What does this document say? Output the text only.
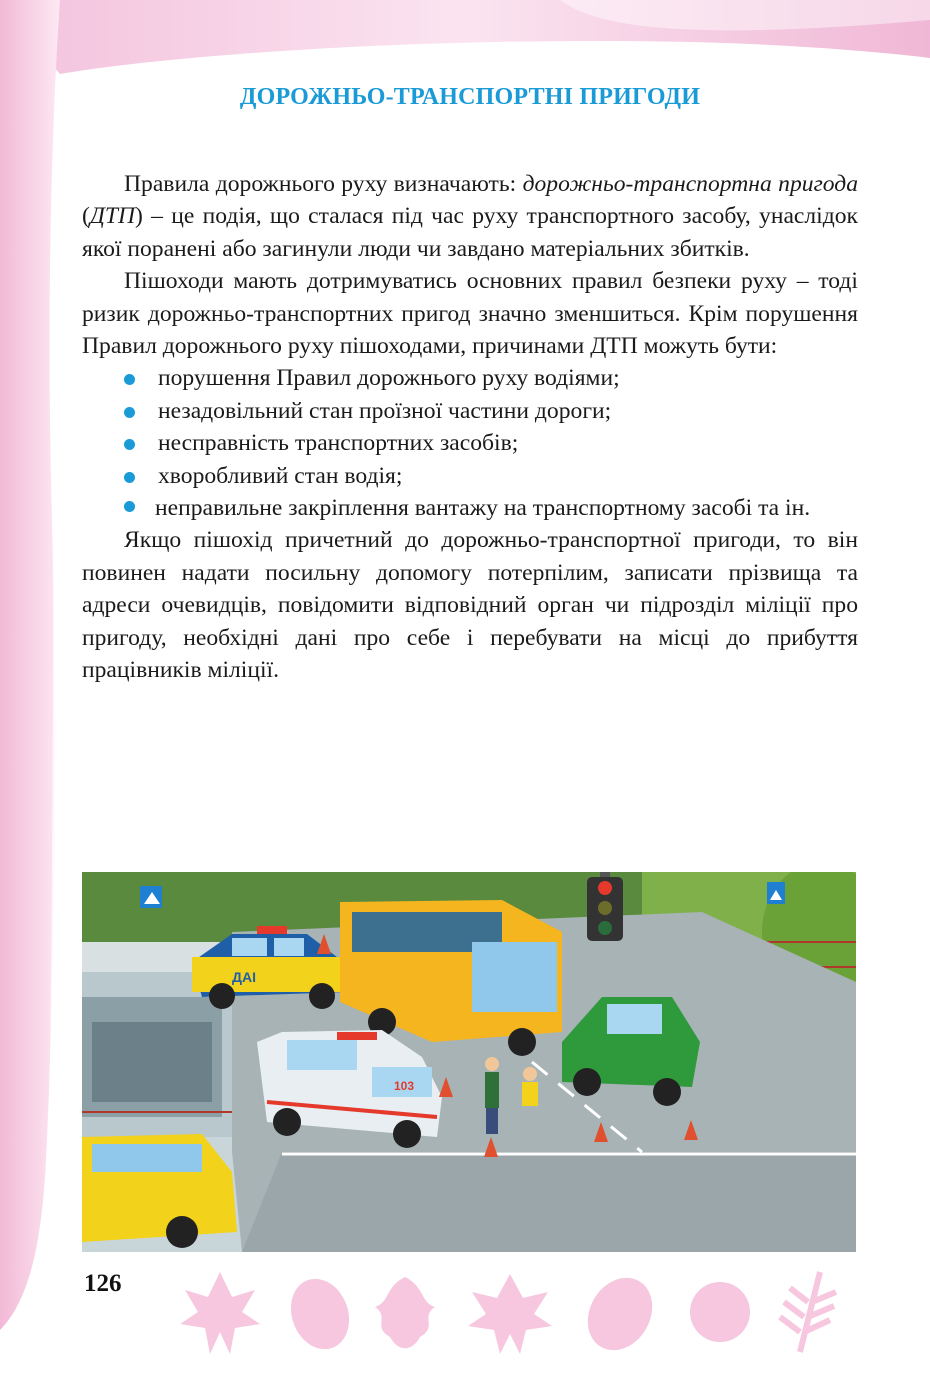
ДОРОЖНЬО-ТРАНСПОРТНІ ПРИГОДИ

Правила дорожнього руху визначають: дорожньо-транспортна пригода (ДТП) – це подія, що сталася під час руху транспортного засобу, унаслідок якої поранені або загинули люди чи завдано матеріальних збитків.

Пішоходи мають дотримуватись основних правил безпеки руху – тоді ризик дорожньо-транспортних пригод значно зменшиться. Крім порушення Правил дорожнього руху пішоходами, причинами ДТП можуть бути:

порушення Правил дорожнього руху водіями;
незадовільний стан проїзної частини дороги;
несправність транспортних засобів;
хворобливий стан водія;
неправильне закріплення вантажу на транспортному засобі та ін.

Якщо пішохід причетний до дорожньо-транспортної пригоди, то він повинен надати посильну допомогу потерпілим, записати прізвища та адреси очевидців, повідомити відповідний орган чи підрозділ міліції про пригоду, необхідні дані про себе і перебувати на місці до прибуття працівників міліції.

ДАІ
103
126
